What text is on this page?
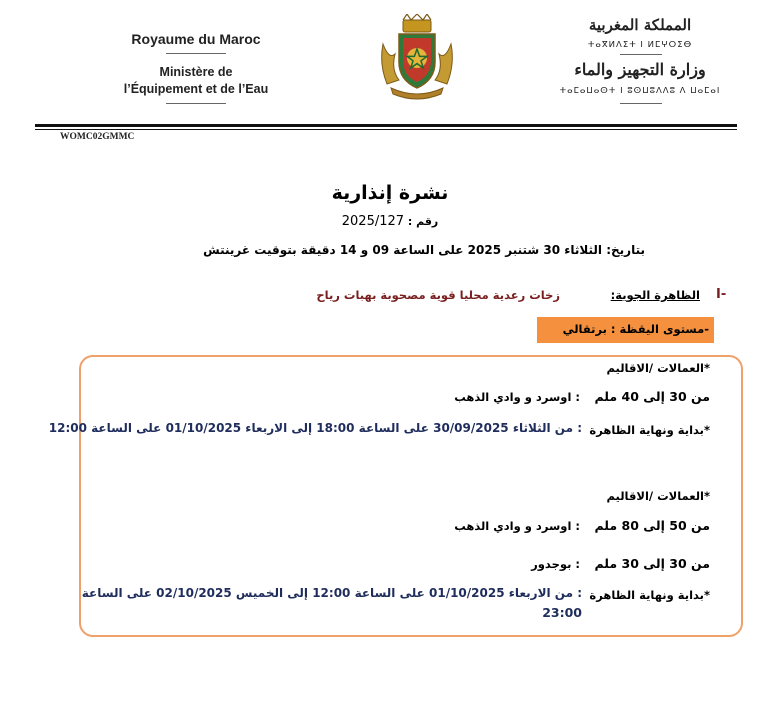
Royaume du Maroc
Ministère de
l’Équipement et de l’Eau
المملكة المغربية
ⵜⴰⴳⵍⴷⵉⵜ ⵏ ⵍⵎⵖⵔⵉⴱ
وزارة التجهيز والماء
ⵜⴰⵎⴰⵡⴰⵙⵜ ⵏ ⵓⵙⵡⵓⴷⴷⵓ ⴷ ⵡⴰⵎⴰⵏ
WOMC02GMMC
نشرة إنذارية
رقم : 2025/127
بتاريخ: الثلاثاء 30 شتنبر 2025 على الساعة 09 و 14 دقيقة بتوقيت غرينتش
I-
الظاهرة الجوية:
زخات رعدية محليا قوية مصحوبة بهبات رياح
-مستوى اليقظة : برتقالي
*العمالات /الاقاليم
من 30 إلى 40 ملم
: اوسرد و وادي الذهب
*بداية ونهاية الظاهرة
: من الثلاثاء 30/09/2025 على الساعة 18:00 إلى الاربعاء 01/10/2025 على الساعة 12:00
*العمالات /الاقاليم
من 50 إلى 80 ملم
: اوسرد و وادي الذهب
من 30 إلى 30 ملم
: بوجدور
*بداية ونهاية الظاهرة
: من الاربعاء 01/10/2025 على الساعة 12:00 إلى الخميس 02/10/2025 على الساعة
23:00
